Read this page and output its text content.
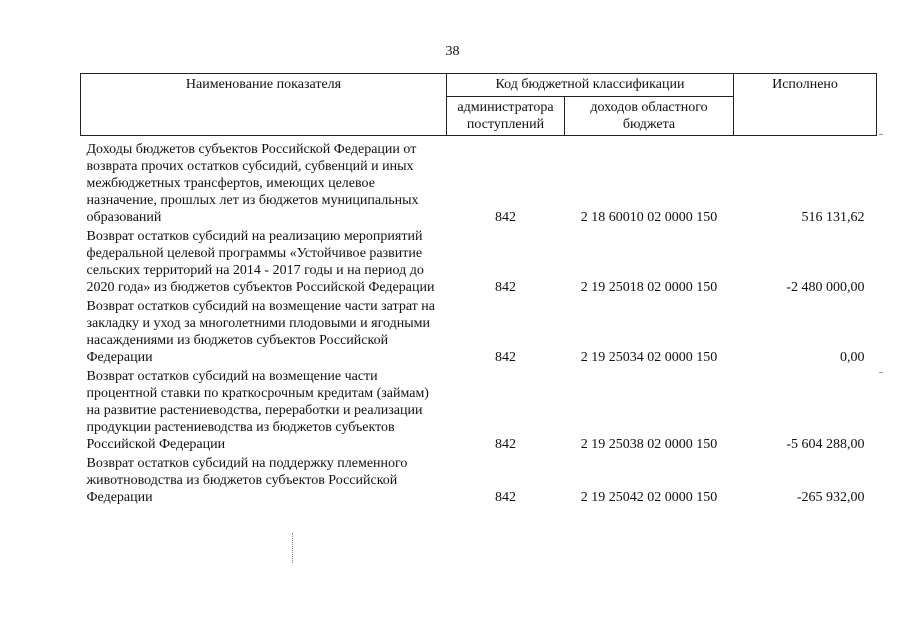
38
Наименование показателя	Код бюджетной классификации		Исполнено
	администратора поступлений	доходов областного бюджета	

Доходы бюджетов субъектов Российской Федерации от возврата прочих остатков субсидий, субвенций и иных межбюджетных трансфертов, имеющих целевое назначение, прошлых лет из бюджетов муниципальных образований	842	2 18 60010 02 0000 150	516 131,62
Возврат остатков субсидий на реализацию мероприятий федеральной целевой программы «Устойчивое развитие сельских территорий на 2014 - 2017 годы и на период до 2020 года» из бюджетов субъектов Российской Федерации	842	2 19 25018 02 0000 150	-2 480 000,00
Возврат остатков субсидий на возмещение части затрат на закладку и уход за многолетними плодовыми и ягодными насаждениями из бюджетов субъектов Российской Федерации	842	2 19 25034 02 0000 150	0,00
Возврат остатков субсидий на возмещение части процентной ставки по краткосрочным кредитам (займам) на развитие растениеводства, переработки и реализации продукции растениеводства из бюджетов субъектов Российской Федерации	842	2 19 25038 02 0000 150	-5 604 288,00
Возврат остатков субсидий на поддержку племенного животноводства из бюджетов субъектов Российской Федерации	842	2 19 25042 02 0000 150	-265 932,00
